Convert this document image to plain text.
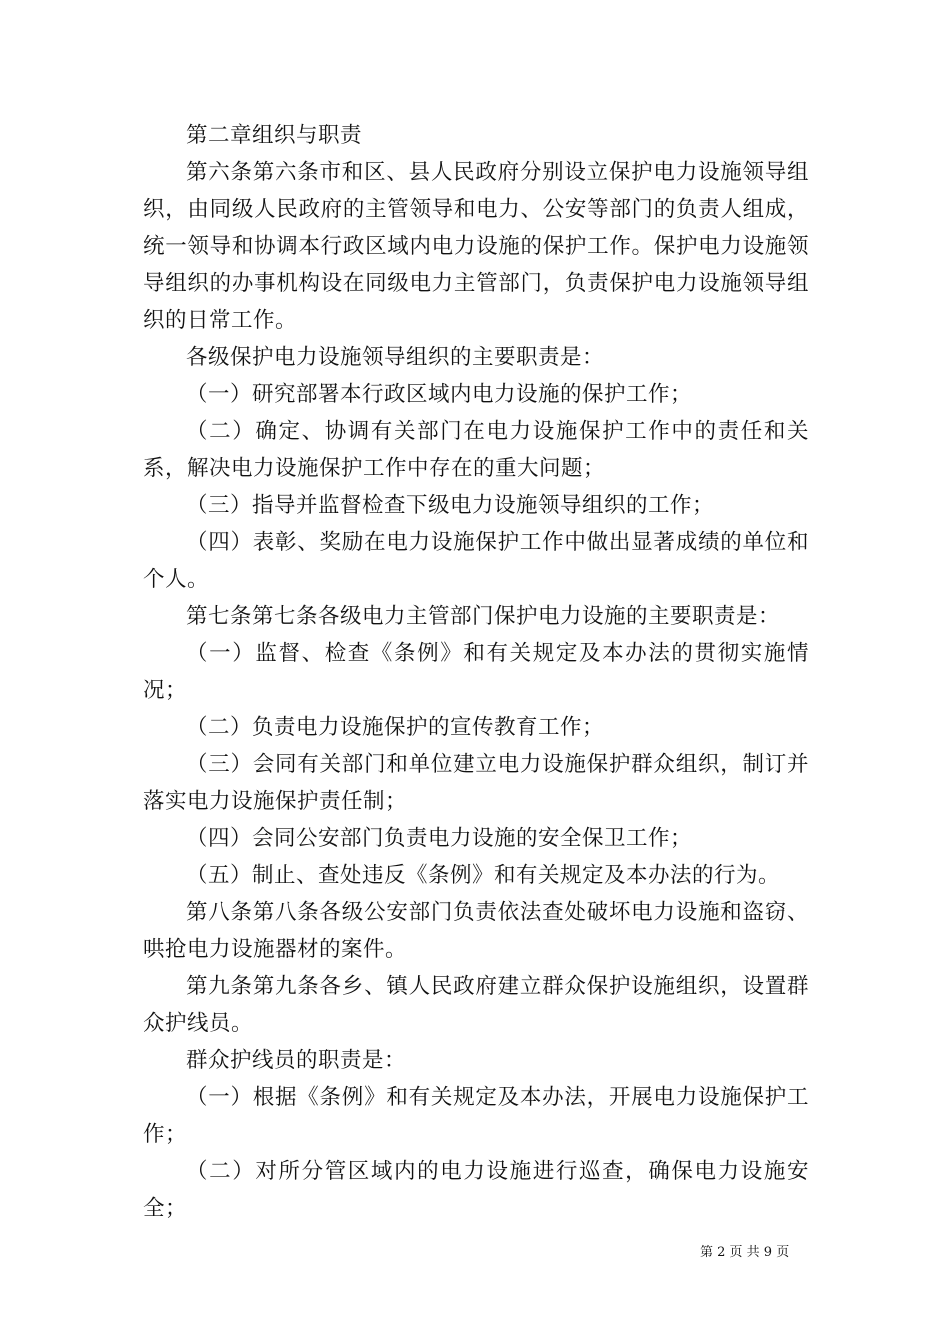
第二章组织与职责

第六条第六条市和区、县人民政府分别设立保护电力设施领导组织，由同级人民政府的主管领导和电力、公安等部门的负责人组成，统一领导和协调本行政区域内电力设施的保护工作。保护电力设施领导组织的办事机构设在同级电力主管部门，负责保护电力设施领导组织的日常工作。

各级保护电力设施领导组织的主要职责是：

（一）研究部署本行政区域内电力设施的保护工作；

（二）确定、协调有关部门在电力设施保护工作中的责任和关系，解决电力设施保护工作中存在的重大问题；

（三）指导并监督检查下级电力设施领导组织的工作；

（四）表彰、奖励在电力设施保护工作中做出显著成绩的单位和个人。

第七条第七条各级电力主管部门保护电力设施的主要职责是：

（一）监督、检查《条例》和有关规定及本办法的贯彻实施情况；

（二）负责电力设施保护的宣传教育工作；

（三）会同有关部门和单位建立电力设施保护群众组织，制订并落实电力设施保护责任制；

（四）会同公安部门负责电力设施的安全保卫工作；

（五）制止、查处违反《条例》和有关规定及本办法的行为。

第八条第八条各级公安部门负责依法查处破坏电力设施和盗窃、哄抢电力设施器材的案件。

第九条第九条各乡、镇人民政府建立群众保护设施组织，设置群众护线员。

群众护线员的职责是：

（一）根据《条例》和有关规定及本办法，开展电力设施保护工作；

（二）对所分管区域内的电力设施进行巡查，确保电力设施安全；

第 2 页 共 9 页
